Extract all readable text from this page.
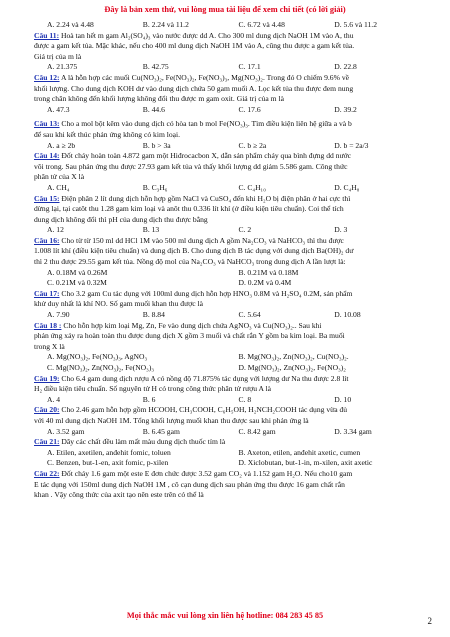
Đây là bản xem thử, vui lòng mua tài liệu để xem chi tiết (có lời giải)
A. 2.24 và 4.48	B. 2.24 và 11.2	C. 6.72 và 4.48	D. 5.6 và 11.2
Câu 11: Hoà tan hết m gam Al₂(SO₄)₃ vào nước được dd A. Cho 300 ml dung dịch NaOH 1M vào A, thu
được a gam kết tủa. Mặc khác, nếu cho 400 ml dung dịch NaOH 1M vào A, cũng thu được a gam kết tủa.
Giá trị của m là
A. 21.375	B. 42.75	C. 17.1	D. 22.8
Câu 12: A là hỗn hợp các muối Cu(NO₃)₂, Fe(NO₃)₂, Fe(NO₃)₃, Mg(NO₃)₂. Trong đó O chiếm 9.6% về
khối lượng. Cho dung dịch KOH dư vào dung dịch chứa 50 gam muối A. Lọc kết tủa thu được đem nung
trong chân không đến khối lượng không đổi thu được m gam oxit. Giá trị của m là
A. 47.3	B. 44.6	C. 17.6	D. 39.2
Câu 13: Cho a mol bột kẽm vào dung dịch có hòa tan b mol Fe(NO₃)₃. Tìm điều kiện liên hệ giữa a và b
để sau khi kết thúc phản ứng không có kim loại.
A. a ≥ 2b	B. b > 3a	C. b ≥ 2a	D. b = 2a/3
Câu 14: Đốt cháy hoàn toàn 4.872 gam một Hiđrocacbon X, dẫn sản phẩm cháy qua bình đựng dd nước
vôi trong. Sau phản ứng thu được 27.93 gam kết tủa và thấy khối lượng dd giảm 5.586 gam. Công thức
phân tử của X là
A. CH₄	B. C₃H₆	C. C₄H₁₀	D. C₄H₈
Câu 15: Điện phân 2 lít dung dịch hỗn hợp gồm NaCl và CuSO₄ đến khi H₂O bị điện phân ở hai cực thì
dừng lại, tại catôt thu 1.28 gam kim loại và anôt thu 0.336 lít khí (ở điều kiện tiêu chuẩn). Coi thể tích
dung dịch không đổi thì pH của dung dịch thu được bằng
A. 12	B. 13	C. 2	D. 3
Câu 16: Cho từ từ 150 ml dd HCl 1M vào 500 ml dung dịch A gồm Na₂CO₃ và NaHCO₃ thì thu được
1.008 lít khí (điều kiện tiêu chuẩn) và dung dịch B. Cho dung dịch B tác dụng với dung dịch Ba(OH)₂ dư
thì 2 thu được 29.55 gam kết tủa. Nồng độ mol của Na₂CO₃ và NaHCO₃ trong dung dịch A lần lượt là:
A. 0.18M và 0.26M	B. 0.21M và 0.18M
C. 0.21M và 0.32M	D. 0.2M và 0.4M
Câu 17: Cho 3.2 gam Cu tác dụng với 100ml dung dịch hỗn hợp HNO₃ 0.8M và H₂SO₄ 0.2M, sản phẩm
khử duy nhất là khí NO. Số gam muối khan thu được là
A. 7.90	B. 8.84	C. 5.64	D. 10.08
Câu 18 : Cho hỗn hợp kim loại Mg, Zn, Fe vào dung dịch chứa AgNO₃ và Cu(NO₃)₂.. Sau khi
phản ứng xảy ra hoàn toàn thu được dung dịch X gồm 3 muối và chất rắn Y gồm ba kim loại. Ba muối
trong X là
A. Mg(NO₃)₂, Fe(NO₃)₃, AgNO₃	B. Mg(NO₃)₂, Zn(NO₃)₂, Cu(NO₃)₂.
C. Mg(NO₃)₂, Zn(NO₃)₂, Fe(NO₃)₃	D. Mg(NO₃)₂, Zn(NO₃)₂, Fe(NO₃)₂
Câu 19: Cho 6.4 gam dung dịch rượu A có nồng độ 71.875% tác dụng với lượng dư Na thu được 2.8 lít
H₂ điều kiện tiêu chuẩn. Số nguyên tử H có trong công thức phân tử rượu A là
A. 4	B. 6	C. 8	D. 10
Câu 20: Cho 2.46 gam hỗn hợp gồm HCOOH, CH₃COOH, C₆H₅OH, H₂NCH₂COOH tác dụng vừa đủ
với 40 ml dung dịch NaOH 1M. Tổng khối lượng muối khan thu được sau khi phản ứng là
A. 3.52 gam	B. 6.45 gam	C. 8.42 gam	D. 3.34 gam
Câu 21: Dãy các chất đều làm mất màu dung dịch thuốc tím là
A. Etilen, axetilen, anđehit fomic, toluen	B. Axeton, etilen, anđehit axetic, cumen
C. Benzen, but-1-en, axit fomic, p-xilen	D. Xiclobutan, but-1-in, m-xilen, axit axetic
Câu 22: Đốt cháy 1.6 gam một este E đơn chức được 3.52 gam CO₂ và 1.152 gam H₂O. Nếu cho10 gam
E tác dụng với 150ml dung dịch NaOH 1M , cô cạn dung dịch sau phản ứng thu được 16 gam chất rắn
khan . Vậy công thức của axit tạo nên este trên có thể là
Mọi thắc mắc vui lòng xin liên hệ hotline: 084 283 45 85
2
